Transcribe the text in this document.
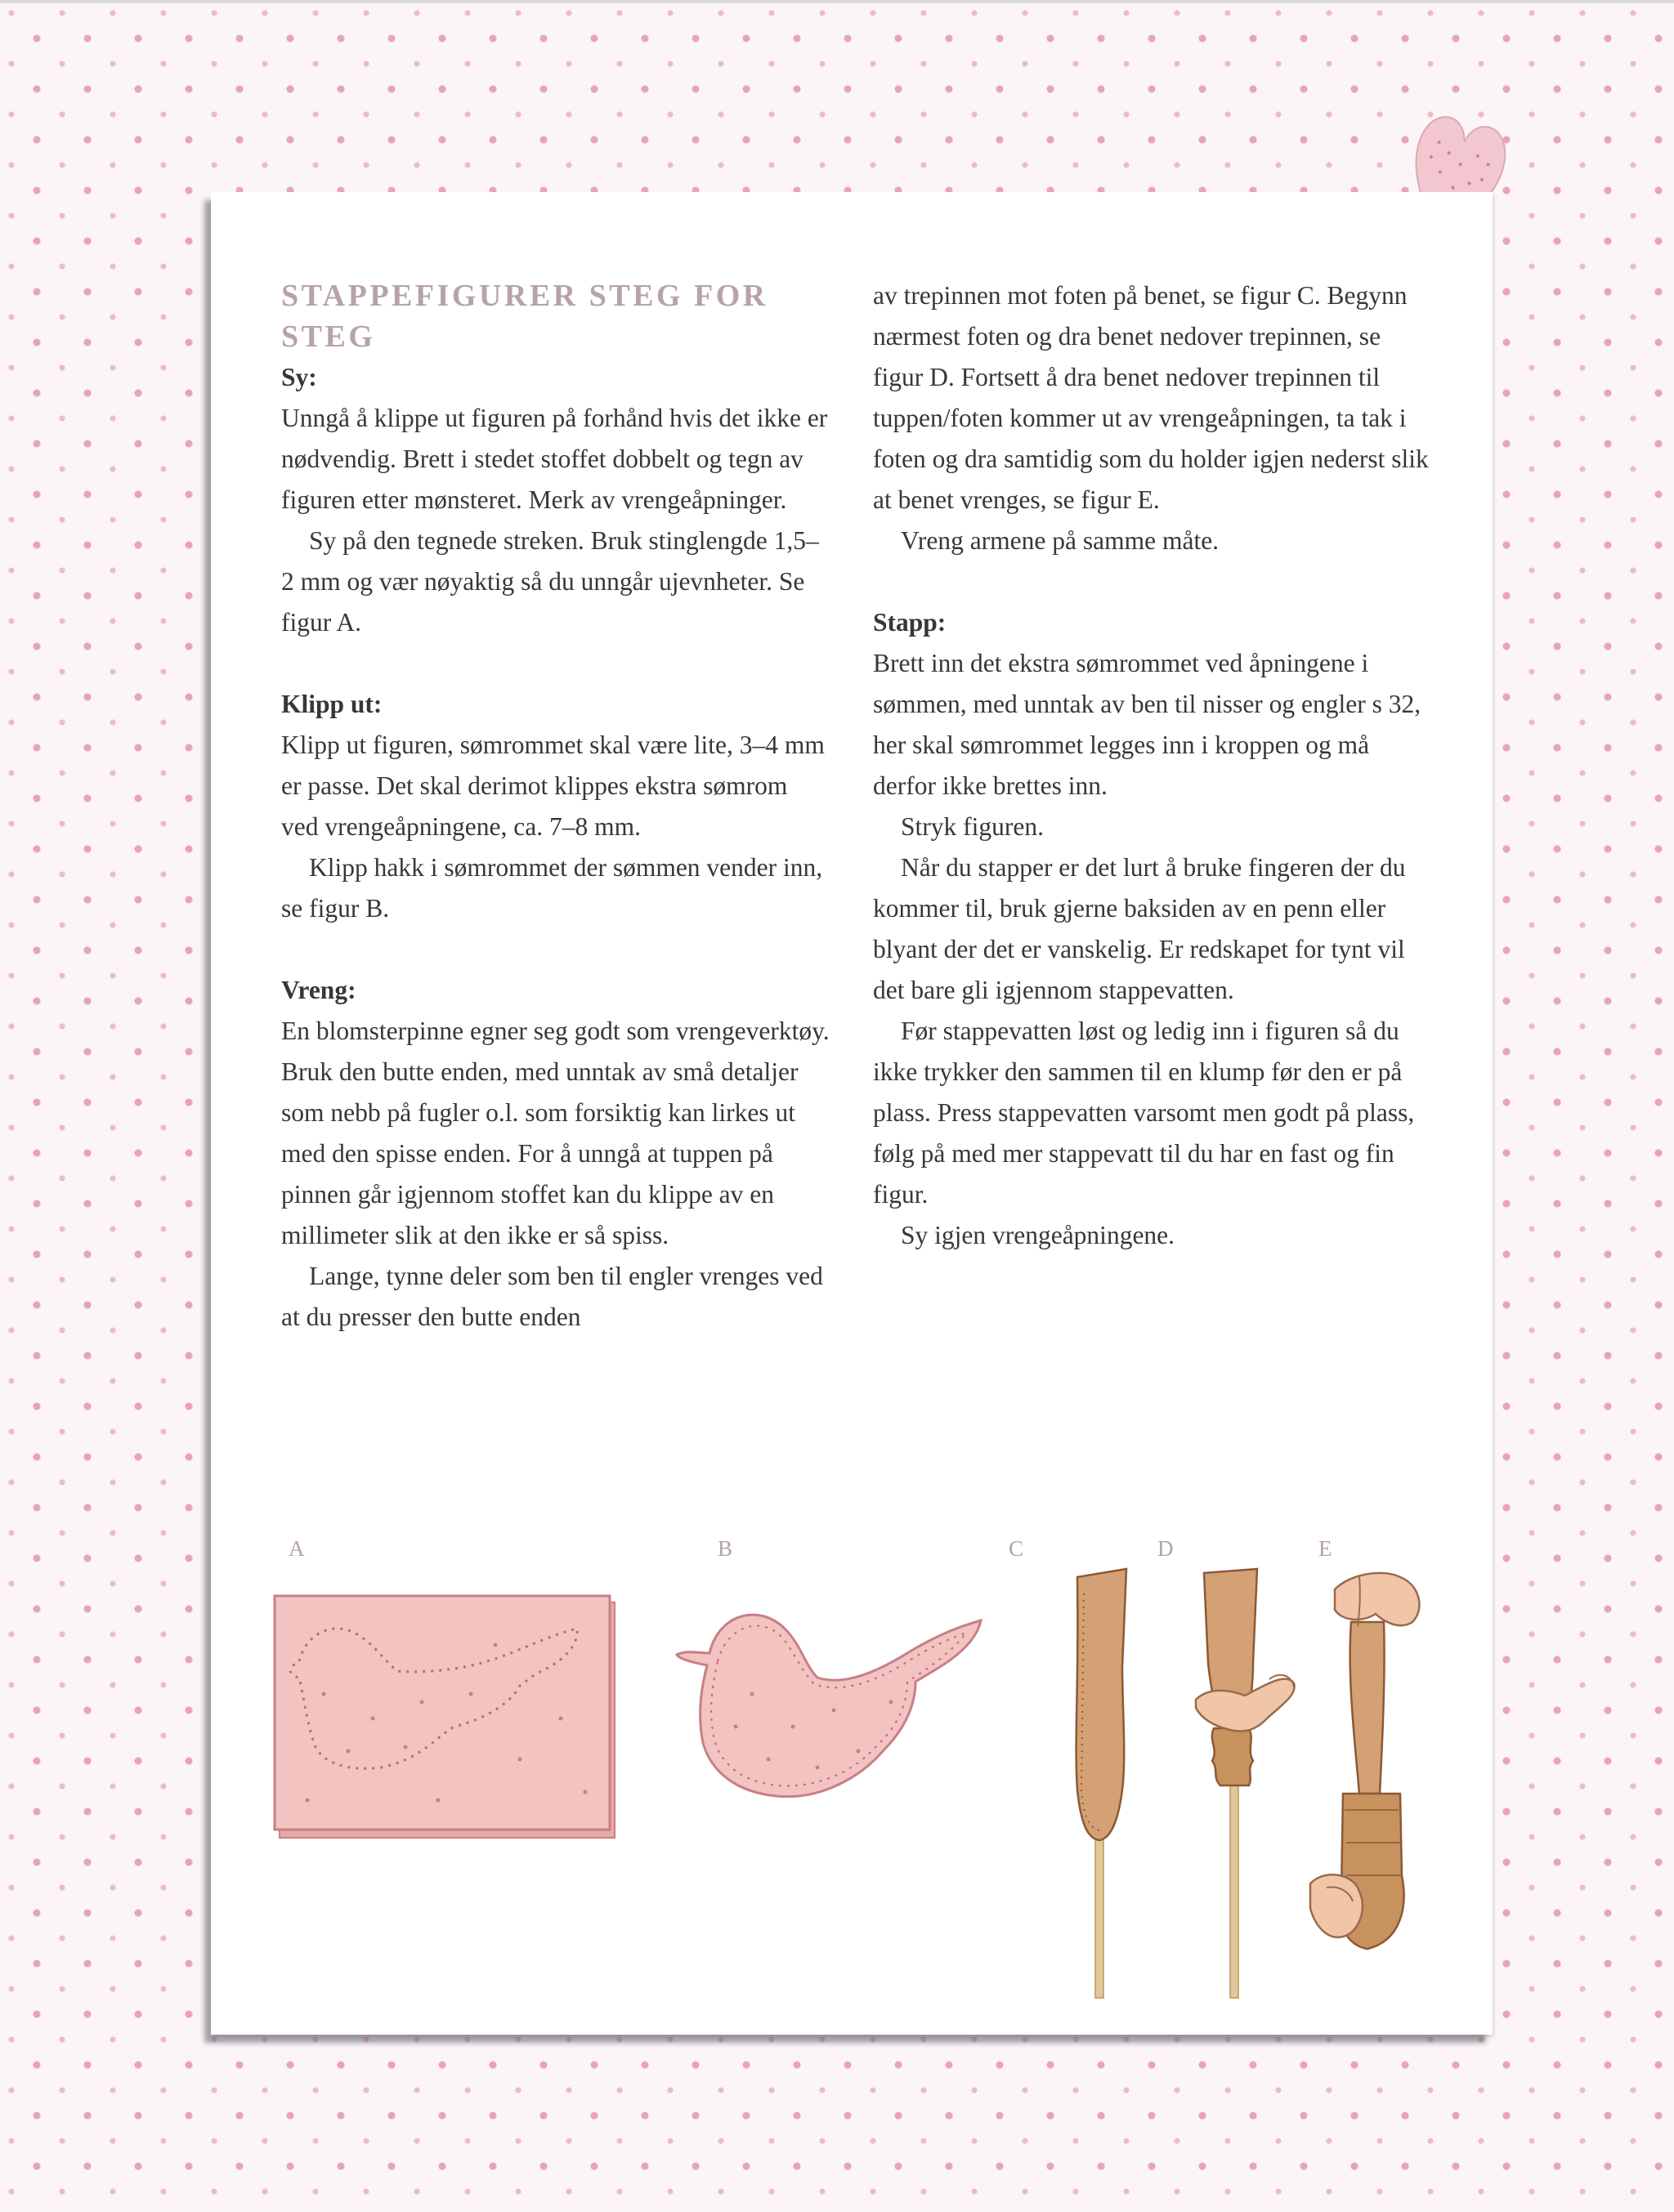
STAPPEFIGURER STEG FOR STEG

Sy:

Unngå å klippe ut figuren på forhånd hvis det ikke er nødvendig. Brett i stedet stoffet dobbelt og tegn av figuren etter mønsteret. Merk av vrengeåpninger.

Sy på den tegnede streken. Bruk stinglengde 1,5–2 mm og vær nøyaktig så du unngår ujevnheter. Se figur A.

Klipp ut:

Klipp ut figuren, sømrommet skal være lite, 3–4 mm er passe. Det skal derimot klippes ekstra sømrom ved vrengeåpningene, ca. 7–8 mm.

Klipp hakk i sømrommet der sømmen vender inn, se figur B.

Vreng:

En blomsterpinne egner seg godt som vrengeverktøy. Bruk den butte enden, med unntak av små detaljer som nebb på fugler o.l. som forsiktig kan lirkes ut med den spisse enden. For å unngå at tuppen på pinnen går igjennom stoffet kan du klippe av en millimeter slik at den ikke er så spiss.

Lange, tynne deler som ben til engler vrenges ved at du presser den butte enden

av trepinnen mot foten på benet, se figur C. Begynn nærmest foten og dra benet nedover trepinnen, se figur D. Fortsett å dra benet nedover trepinnen til tuppen/foten kommer ut av vrengeåpningen, ta tak i foten og dra samtidig som du holder igjen nederst slik at benet vrenges, se figur E.

Vreng armene på samme måte.

Stapp:

Brett inn det ekstra sømrommet ved åpningene i sømmen, med unntak av ben til nisser og engler s 32, her skal sømrommet legges inn i kroppen og må derfor ikke brettes inn.

Stryk figuren.

Når du stapper er det lurt å bruke fingeren der du kommer til, bruk gjerne baksiden av en penn eller blyant der det er vanskelig. Er redskapet for tynt vil det bare gli igjennom stappevatten.

Før stappevatten løst og ledig inn i figuren så du ikke trykker den sammen til en klump før den er på plass. Press stappevatten varsomt men godt på plass, følg på med mer stappevatt til du har en fast og fin figur.

Sy igjen vrengeåpningene.

A	B	C	D	E
